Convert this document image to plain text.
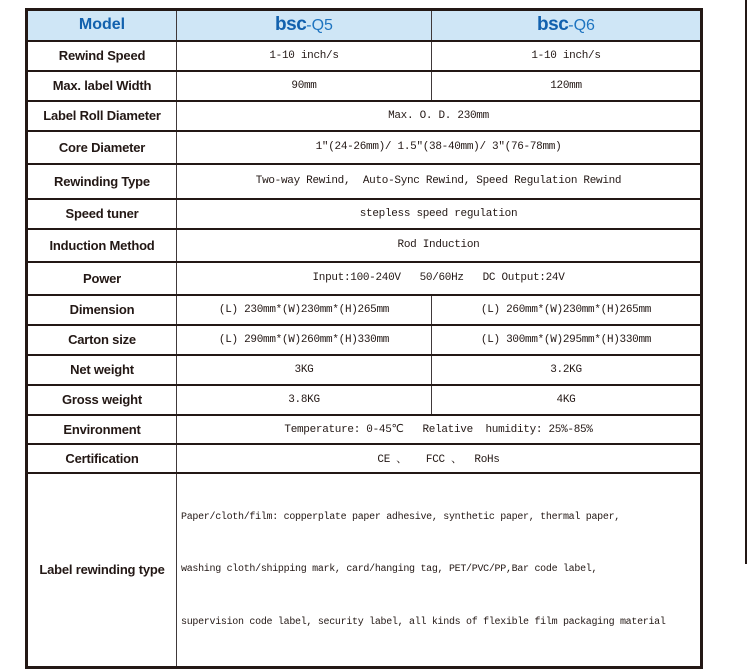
Model	bsc-Q5	bsc-Q6
Rewind Speed	1-10 inch/s	1-10 inch/s
Max. label Width	90mm	120mm
Label Roll Diameter	Max. O. D. 230mm	
Core Diameter	1″(24-26mm)/ 1.5″(38-40mm)/ 3″(76-78mm)	
Rewinding Type	Two-way Rewind,  Auto-Sync Rewind, Speed Regulation Rewind	
Speed tuner	stepless speed regulation	
Induction Method	Rod Induction	
Power	Input:100-240V   50/60Hz   DC Output:24V	
Dimension	(L) 230mm*(W)230mm*(H)265mm	(L) 260mm*(W)230mm*(H)265mm
Carton size	(L) 290mm*(W)260mm*(H)330mm	(L) 300mm*(W)295mm*(H)330mm
Net weight	3KG	3.2KG
Gross weight	3.8KG	4KG
Environment	Temperature: 0-45℃   Relative  humidity: 25%-85%	
Certification	CE 、   FCC 、  RoHs	
Label rewinding type	Paper/cloth/film: copperplate paper adhesive, synthetic paper, thermal paper,

washing cloth/shipping mark, card/hanging tag, PET/PVC/PP,Bar code label,

supervision code label, security label, all kinds of flexible film packaging material	
